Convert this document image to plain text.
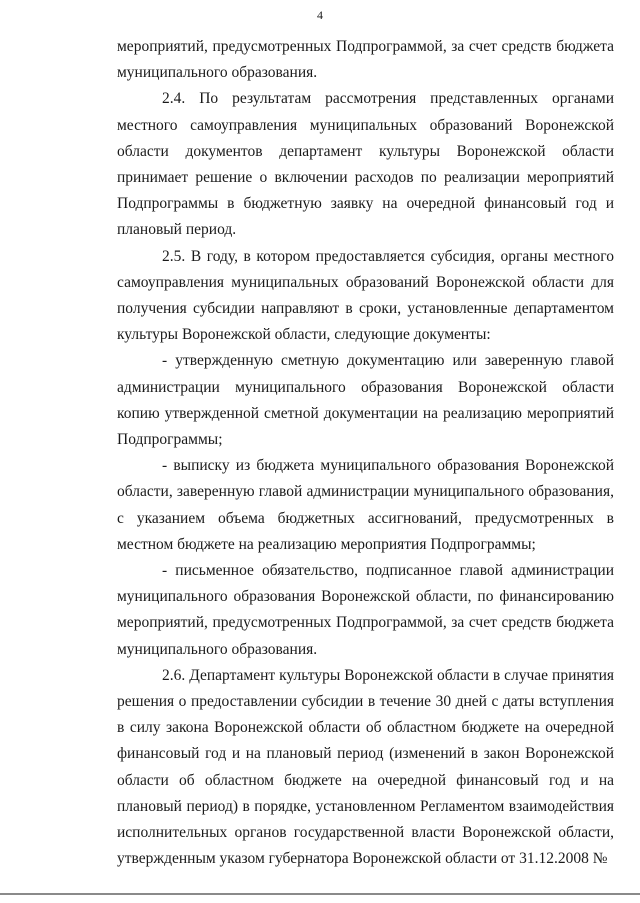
4

мероприятий, предусмотренных Подпрограммой, за счет средств бюджета муниципального образования.

2.4. По результатам рассмотрения представленных органами местного самоуправления муниципальных образований Воронежской области документов департамент культуры Воронежской области принимает решение о включении расходов по реализации мероприятий Подпрограммы в бюджетную заявку на очередной финансовый год и плановый период.

2.5. В году, в котором предоставляется субсидия, органы местного самоуправления муниципальных образований Воронежской области для получения субсидии направляют в сроки, установленные департаментом культуры Воронежской области, следующие документы:

- утвержденную сметную документацию или заверенную главой администрации муниципального образования Воронежской области копию утвержденной сметной документации на реализацию мероприятий Подпрограммы;

- выписку из бюджета муниципального образования Воронежской области, заверенную главой администрации муниципального образования, с указанием объема бюджетных ассигнований, предусмотренных в местном бюджете на реализацию мероприятия Подпрограммы;

- письменное обязательство, подписанное главой администрации муниципального образования Воронежской области, по финансированию мероприятий, предусмотренных Подпрограммой, за счет средств бюджета муниципального образования.

2.6. Департамент культуры Воронежской области в случае принятия решения о предоставлении субсидии в течение 30 дней с даты вступления в силу закона Воронежской области об областном бюджете на очередной финансовый год и на плановый период (изменений в закон Воронежской области об областном бюджете на очередной финансовый год и на плановый период) в порядке, установленном Регламентом взаимодействия исполнительных органов государственной власти Воронежской области, утвержденным указом губернатора Воронежской области от 31.12.2008 №
